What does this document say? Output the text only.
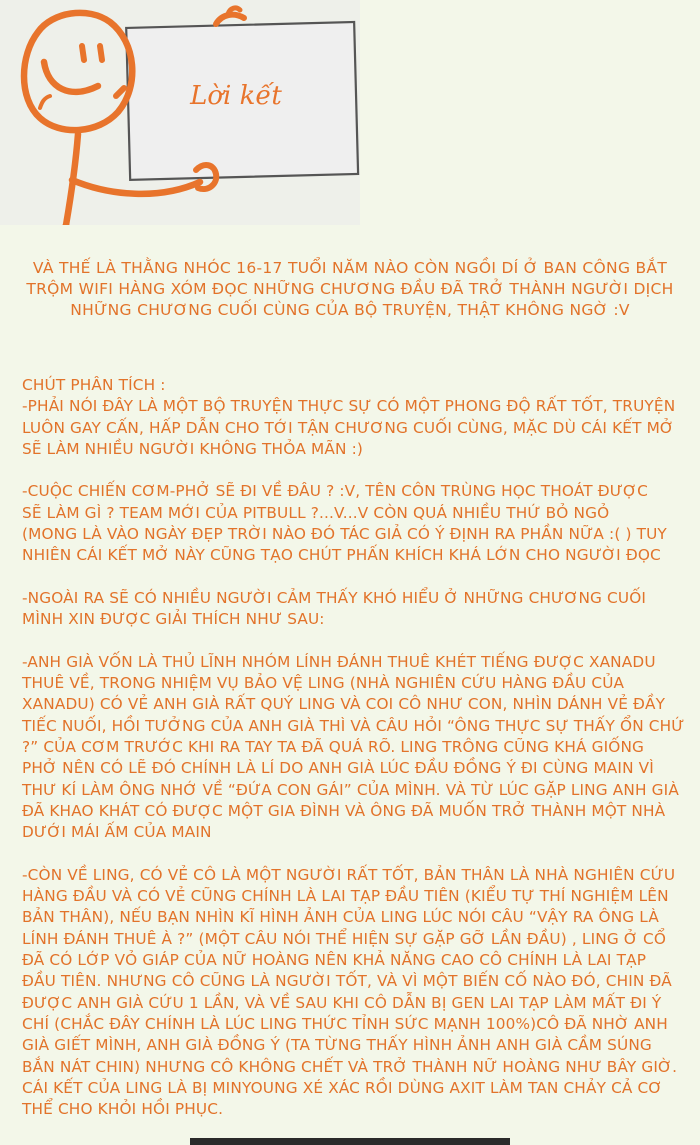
Lời kết

VÀ THẾ LÀ THẰNG NHÓC 16-17 TUỔI NĂM NÀO CÒN NGỒI DÍ Ở BAN CÔNG BẮT
TRỘM WIFI HÀNG XÓM ĐỌC NHỮNG CHƯƠNG ĐẦU ĐÃ TRỞ THÀNH NGƯỜI DỊCH
NHỮNG CHƯƠNG CUỐI CÙNG CỦA BỘ TRUYỆN, THẬT KHÔNG NGỜ :V

CHÚT PHÂN TÍCH :
-PHẢI NÓI ĐÂY LÀ MỘT BỘ TRUYỆN THỰC SỰ CÓ MỘT PHONG ĐỘ RẤT TỐT, TRUYỆN
LUÔN GAY CẤN, HẤP DẪN CHO TỚI TẬN CHƯƠNG CUỐI CÙNG, MẶC DÙ CÁI KẾT MỞ
SẼ LÀM NHIỀU NGƯỜI KHÔNG THỎA MÃN :)
-CUỘC CHIẾN CƠM-PHỞ SẼ ĐI VỀ ĐÂU ? :V, TÊN CÔN TRÙNG HỌC THOÁT ĐƯỢC
SẼ LÀM GÌ ? TEAM MỚI CỦA PITBULL ?...V...V CÒN QUÁ NHIỀU THỨ BỎ NGỎ
(MONG LÀ VÀO NGÀY ĐẸP TRỜI NÀO ĐÓ TÁC GIẢ CÓ Ý ĐỊNH RA PHẦN NỮA :( ) TUY
NHIÊN CÁI KẾT MỞ NÀY CŨNG TẠO CHÚT PHẤN KHÍCH KHÁ LỚN CHO NGƯỜI ĐỌC
-NGOÀI RA SẼ CÓ NHIỀU NGƯỜI CẢM THẤY KHÓ HIỂU Ở NHỮNG CHƯƠNG CUỐI
MÌNH XIN ĐƯỢC GIẢI THÍCH NHƯ SAU:
-ANH GIÀ VỐN LÀ THỦ LĨNH NHÓM LÍNH ĐÁNH THUÊ KHÉT TIẾNG ĐƯỢC XANADU
THUÊ VỀ, TRONG NHIỆM VỤ BẢO VỆ LING (NHÀ NGHIÊN CỨU HÀNG ĐẦU CỦA
XANADU) CÓ VẺ ANH GIÀ RẤT QUÝ LING VÀ COI CÔ NHƯ CON, NHÌN DÁNH VẺ ĐẦY
TIẾC NUỐI, HỒI TƯỞNG CỦA ANH GIÀ THÌ VÀ CÂU HỎI “ÔNG THỰC SỰ THẤY ỔN CHỨ
?” CỦA CƠM TRƯỚC KHI RA TAY TA ĐÃ QUÁ RÕ. LING TRÔNG CŨNG KHÁ GIỐNG
PHỞ NÊN CÓ LẼ ĐÓ CHÍNH LÀ LÍ DO ANH GIÀ LÚC ĐẦU ĐỒNG Ý ĐI CÙNG MAIN VÌ
THƯ KÍ LÀM ÔNG NHỚ VỀ “ĐỨA CON GÁI” CỦA MÌNH. VÀ TỪ LÚC GẶP LING ANH GIÀ
ĐÃ KHAO KHÁT CÓ ĐƯỢC MỘT GIA ĐÌNH VÀ ÔNG ĐÃ MUỐN TRỞ THÀNH MỘT NHÀ
DƯỚI MÁI ẤM CỦA MAIN
-CÒN VỀ LING, CÓ VẺ CÔ LÀ MỘT NGƯỜI RẤT TỐT, BẢN THÂN LÀ NHÀ NGHIÊN CỨU
HÀNG ĐẦU VÀ CÓ VẺ CŨNG CHÍNH LÀ LAI TẠP ĐẦU TIÊN (KIỂU TỰ THÍ NGHIỆM LÊN
BẢN THÂN), NẾU BẠN NHÌN KĨ HÌNH ẢNH CỦA LING LÚC NÓI CÂU “VẬY RA ÔNG LÀ
LÍNH ĐÁNH THUÊ À ?” (MỘT CÂU NÓI THỂ HIỆN SỰ GẶP GỠ LẦN ĐẦU) , LING Ở CỔ
ĐÃ CÓ LỚP VỎ GIÁP CỦA NỮ HOÀNG NÊN KHẢ NĂNG CAO CÔ CHÍNH LÀ LAI TẠP
ĐẦU TIÊN. NHƯNG CÔ CŨNG LÀ NGƯỜI TỐT, VÀ VÌ MỘT BIẾN CỐ NÀO ĐÓ, CHIN ĐÃ
ĐƯỢC ANH GIÀ CỨU 1 LẦN, VÀ VỀ SAU KHI CÔ DẪN BỊ GEN LAI TẠP LÀM MẤT ĐI Ý
CHÍ (CHẮC ĐÂY CHÍNH LÀ LÚC LING THỨC TỈNH SỨC MẠNH 100%)CÔ ĐÃ NHỜ ANH
GIÀ GIẾT MÌNH, ANH GIÀ ĐỒNG Ý (TA TỪNG THẤY HÌNH ẢNH ANH GIÀ CẦM SÚNG
BẮN NÁT CHIN) NHƯNG CÔ KHÔNG CHẾT VÀ TRỞ THÀNH NỮ HOÀNG NHƯ BÂY GIỜ.
CÁI KẾT CỦA LING LÀ BỊ MINYOUNG XÉ XÁC RỒI DÙNG AXIT LÀM TAN CHẢY CẢ CƠ
THỂ CHO KHỎI HỒI PHỤC.
